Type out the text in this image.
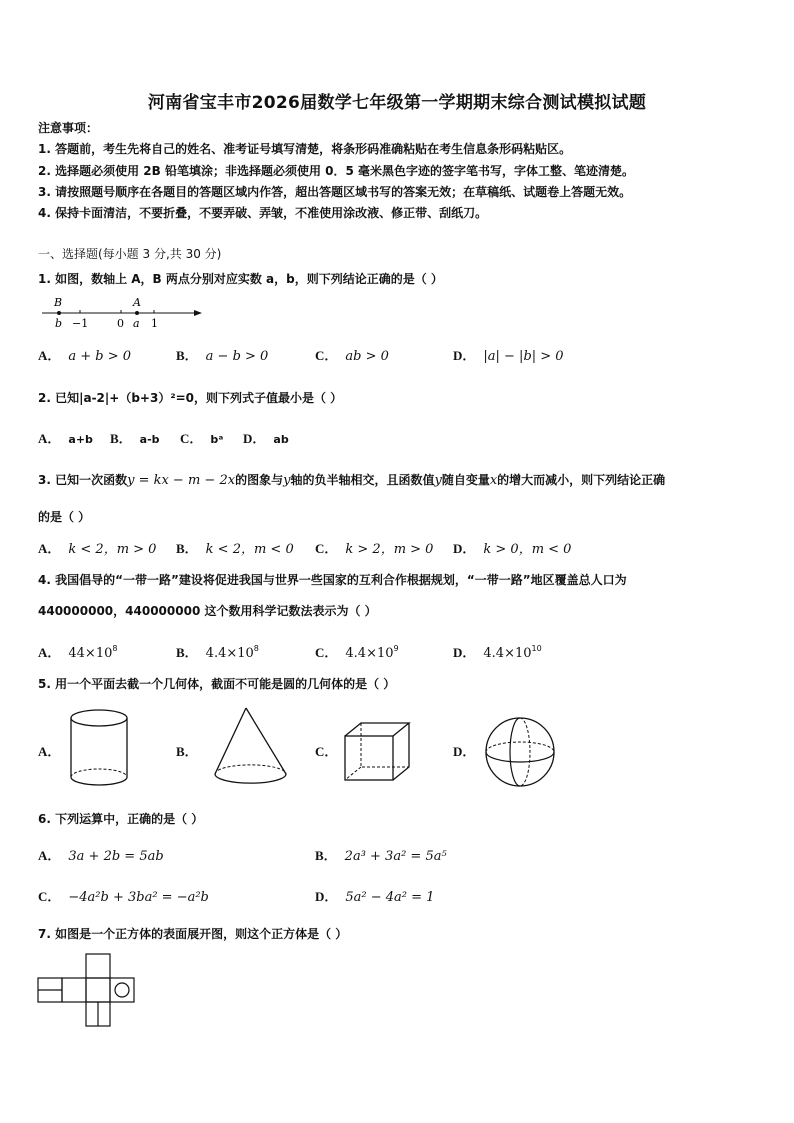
河南省宝丰市2026届数学七年级第一学期期末综合测试模拟试题
注意事项：
1. 答题前，考生先将自己的姓名、准考证号填写清楚，将条形码准确粘贴在考生信息条形码粘贴区。
2. 选择题必须使用 2B 铅笔填涂；非选择题必须使用 0．5 毫米黑色字迹的签字笔书写，字体工整、笔迹清楚。
3. 请按照题号顺序在各题目的答题区域内作答，超出答题区域书写的答案无效；在草稿纸、试题卷上答题无效。
4. 保持卡面清洁，不要折叠，不要弄破、弄皱，不准使用涂改液、修正带、刮纸刀。
一、选择题(每小题 3 分,共 30 分)
1. 如图，数轴上 A，B 两点分别对应实数 a，b，则下列结论正确的是（ ）
B	A
b −1	0 a 1
A． a + b > 0	B． a − b > 0	C． ab > 0	D． |a| − |b| > 0
2. 已知|a-2|+（b+3）²=0，则下列式子值最小是（ ）
A． a+b B． a-b C． bᵃ D． ab
3. 已知一次函数y = kx − m − 2x的图象与y轴的负半轴相交，且函数值y随自变量x的增大而减小，则下列结论正确
的是（ ）
A． k < 2，m > 0 B． k < 2，m < 0 C． k > 2，m > 0 D． k > 0，m < 0
4. 我国倡导的“一带一路”建设将促进我国与世界一些国家的互利合作根据规划，“一带一路”地区覆盖总人口为
440000000，440000000 这个数用科学记数法表示为（ ）
A． $44\times 10^8$	B． $4.4\times 10^8$	C． $4.4\times 10^9$	D． $4.4\times 10^{10}$
5. 用一个平面去截一个几何体，截面不可能是圆的几何体的是（ ）
A．	B．	C．	D．
6. 下列运算中，正确的是（ ）
A． 3a + 2b = 5ab	B． 2a³ + 3a² = 5a⁵
C． −4a²b + 3ba² = −a²b	D． 5a² − 4a² = 1
7. 如图是一个正方体的表面展开图，则这个正方体是（ ）
